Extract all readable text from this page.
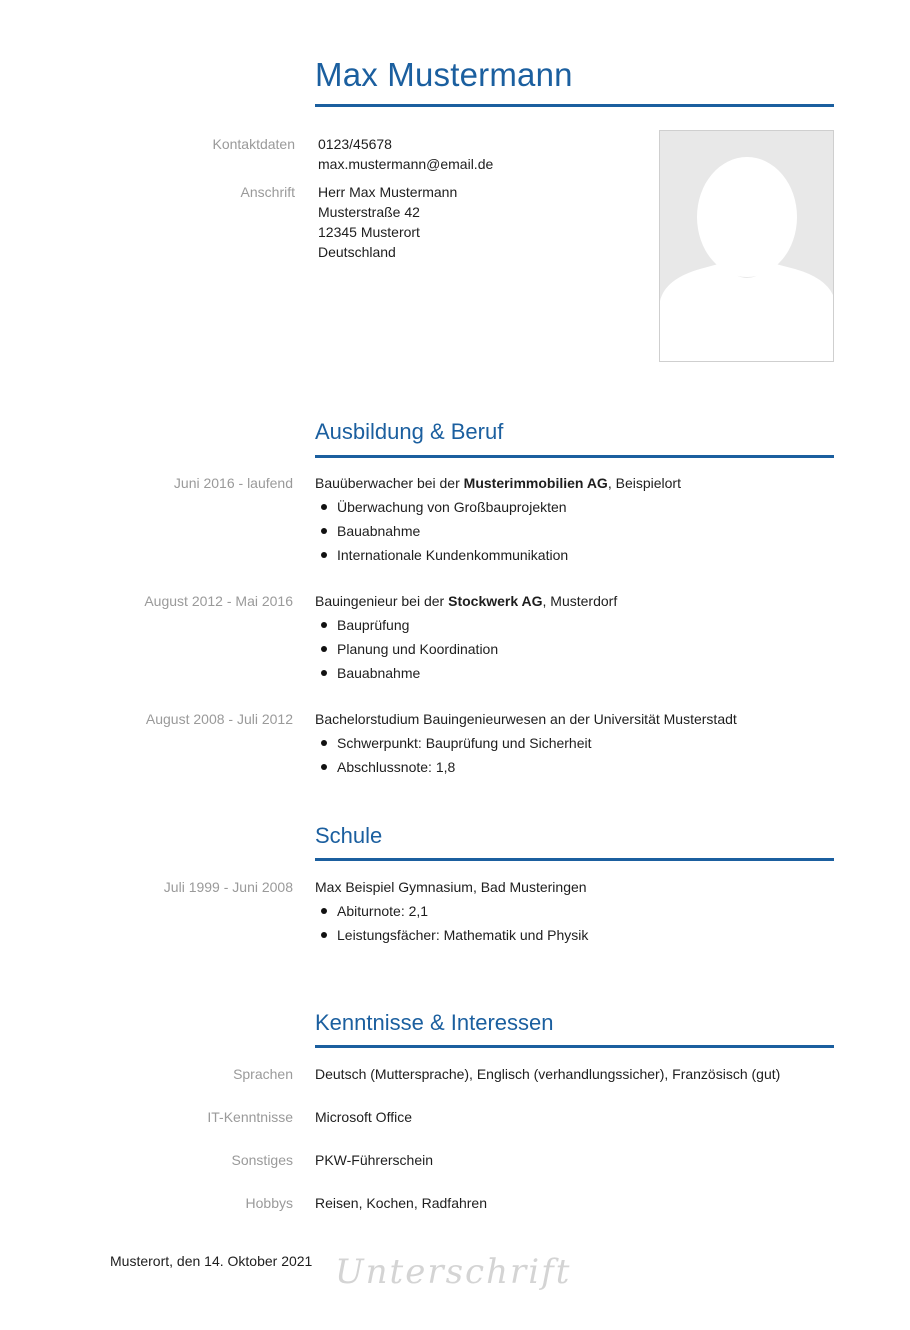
Max Mustermann
Kontaktdaten 0123/45678
max.mustermann@email.de
Anschrift Herr Max Mustermann
Musterstraße 42
12345 Musterort
Deutschland
Ausbildung & Beruf
Juni 2016 - laufend Bauüberwacher bei der Musterimmobilien AG, Beispielort
Überwachung von Großbauprojekten
Bauabnahme
Internationale Kundenkommunikation
August 2012 - Mai 2016 Bauingenieur bei der Stockwerk AG, Musterdorf
Bauprüfung
Planung und Koordination
Bauabnahme
August 2008 - Juli 2012 Bachelorstudium Bauingenieurwesen an der Universität Musterstadt
Schwerpunkt: Bauprüfung und Sicherheit
Abschlussnote: 1,8
Schule
Juli 1999 - Juni 2008 Max Beispiel Gymnasium, Bad Musteringen
Abiturnote: 2,1
Leistungsfächer: Mathematik und Physik
Kenntnisse & Interessen
Sprachen Deutsch (Muttersprache), Englisch (verhandlungssicher), Französisch (gut)
IT-Kenntnisse Microsoft Office
Sonstiges PKW-Führerschein
Hobbys Reisen, Kochen, Radfahren
Musterort, den 14. Oktober 2021 Unterschrift
